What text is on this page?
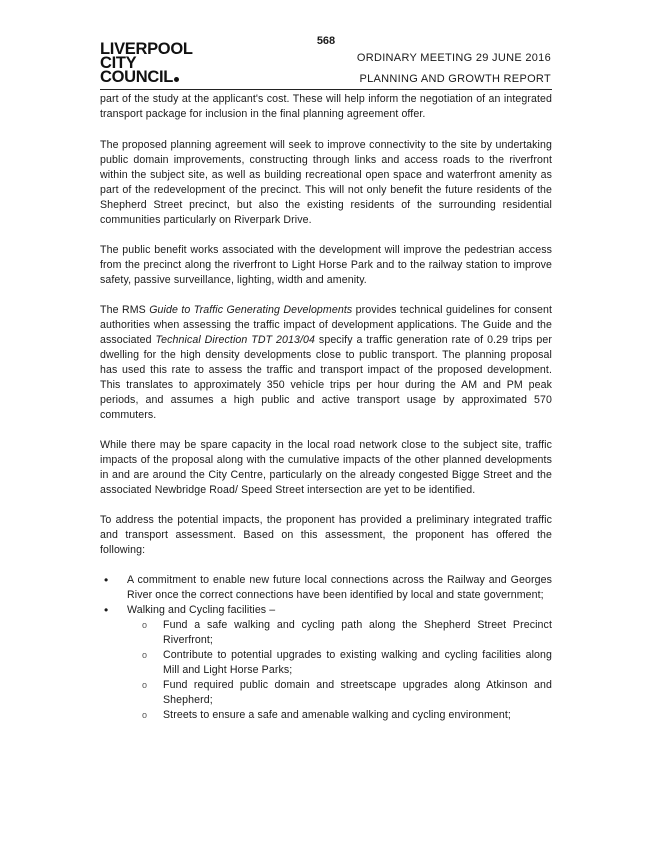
568
LIVERPOOL
CITY
COUNCIL
ORDINARY MEETING 29 JUNE 2016
PLANNING AND GROWTH REPORT

part of the study at the applicant's cost. These will help inform the negotiation of an integrated transport package for inclusion in the final planning agreement offer.

The proposed planning agreement will seek to improve connectivity to the site by undertaking public domain improvements, constructing through links and access roads to the riverfront within the subject site, as well as building recreational open space and waterfront amenity as part of the redevelopment of the precinct. This will not only benefit the future residents of the Shepherd Street precinct, but also the existing residents of the surrounding residential communities particularly on Riverpark Drive.

The public benefit works associated with the development will improve the pedestrian access from the precinct along the riverfront to Light Horse Park and to the railway station to improve safety, passive surveillance, lighting, width and amenity.

The RMS Guide to Traffic Generating Developments provides technical guidelines for consent authorities when assessing the traffic impact of development applications. The Guide and the associated Technical Direction TDT 2013/04 specify a traffic generation rate of 0.29 trips per dwelling for the high density developments close to public transport. The planning proposal has used this rate to assess the traffic and transport impact of the proposed development. This translates to approximately 350 vehicle trips per hour during the AM and PM peak periods, and assumes a high public and active transport usage by approximated 570 commuters.

While there may be spare capacity in the local road network close to the subject site, traffic impacts of the proposal along with the cumulative impacts of the other planned developments in and are around the City Centre, particularly on the already congested Bigge Street and the associated Newbridge Road/ Speed Street intersection are yet to be identified.

To address the potential impacts, the proponent has provided a preliminary integrated traffic and transport assessment. Based on this assessment, the proponent has offered the following:

• A commitment to enable new future local connections across the Railway and Georges River once the correct connections have been identified by local and state government;
• Walking and Cycling facilities –
o Fund a safe walking and cycling path along the Shepherd Street Precinct Riverfront;
o Contribute to potential upgrades to existing walking and cycling facilities along Mill and Light Horse Parks;
o Fund required public domain and streetscape upgrades along Atkinson and Shepherd;
o Streets to ensure a safe and amenable walking and cycling environment;
